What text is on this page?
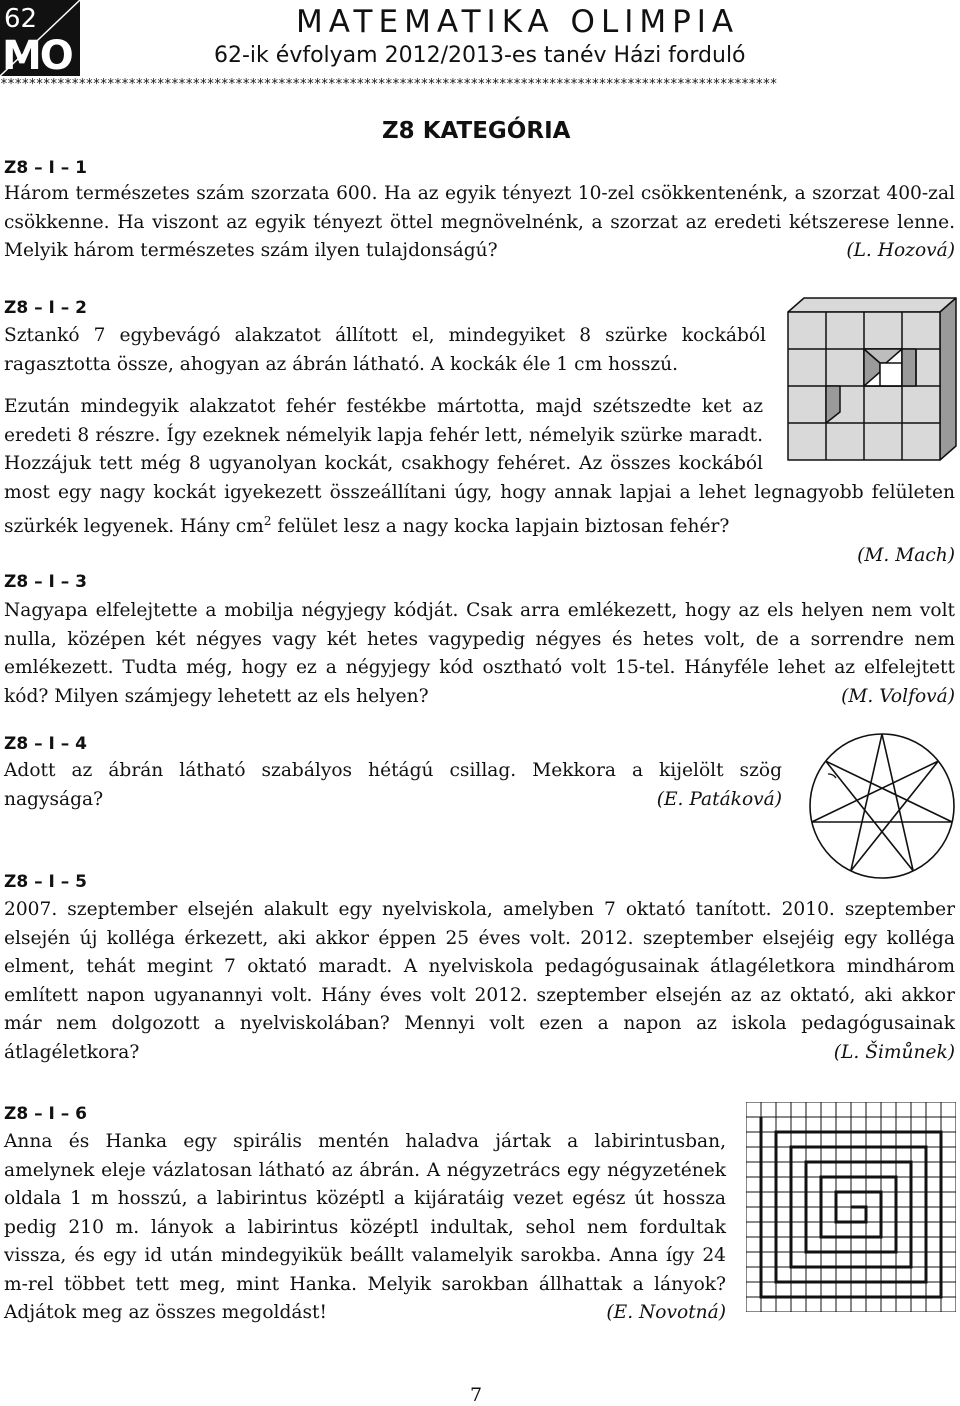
62
MO
MATEMATIKA OLIMPIA
62-ik évfolyam 2012/2013-es tanév Házi forduló
*************************************************************************************************************
Z8 KATEGÓRIA
Z8 – I – 1
Három természetes szám szorzata 600. Ha az egyik tényezt 10-zel csökkentenénk, a szorzat 400-zal csökkenne. Ha viszont az egyik tényezt öttel megnövelnénk, a szorzat az eredeti kétszerese lenne. Melyik három természetes szám ilyen tulajdonságú?	(L. Hozová)
Z8 – I – 2

Sztankó 7 egybevágó alakzatot állított el, mindegyiket 8 szürke kockából ragasztotta össze, ahogyan az ábrán látható. A kockák éle 1 cm hosszú.

Ezután mindegyik alakzatot fehér festékbe mártotta, majd szétszedte ket az eredeti 8 részre. Így ezeknek némelyik lapja fehér lett, némelyik szürke maradt. Hozzájuk tett még 8 ugyanolyan kockát, csakhogy fehéret. Az összes kockából most egy nagy kockát igyekezett összeállítani úgy, hogy annak lapjai a lehet legnagyobb felületen szürkék legyenek. Hány $cm^2$ felület lesz a nagy kocka lapjain biztosan fehér?
(M. Mach)
Z8 – I – 3
Nagyapa elfelejtette a mobilja négyjegy kódját. Csak arra emlékezett, hogy az els helyen nem volt nulla, középen két négyes vagy két hetes vagypedig négyes és hetes volt, de a sorrendre nem emlékezett. Tudta még, hogy ez a négyjegy kód osztható volt 15-tel. Hányféle lehet az elfelejtett kód? Milyen számjegy lehetett az els helyen?	(M. Volfová)
Z8 – I – 4
Adott az ábrán látható szabályos hétágú csillag. Mekkora a kijelölt szög nagysága?	(E. Patáková)
Z8 – I – 5
2007. szeptember elsején alakult egy nyelviskola, amelyben 7 oktató tanított. 2010. szeptember elsején új kolléga érkezett, aki akkor éppen 25 éves volt. 2012. szeptember elsejéig egy kolléga elment, tehát megint 7 oktató maradt. A nyelviskola pedagógusainak átlagéletkora mindhárom említett napon ugyanannyi volt. Hány éves volt 2012. szeptember elsején az az oktató, aki akkor már nem dolgozott a nyelviskolában? Mennyi volt ezen a napon az iskola pedagógusainak átlagéletkora?	(L. Šimůnek)
Z8 – I – 6
Anna és Hanka egy spirális mentén haladva jártak a labirintusban, amelynek eleje vázlatosan látható az ábrán. A négyzetrács egy négyzetének oldala 1 m hosszú, a labirintus középtl a kijáratáig vezet egész út hossza pedig 210 m. lányok a labirintus középtl indultak, sehol nem fordultak vissza, és egy id után mindegyikük beállt valamelyik sarokba. Anna így 24 m-rel többet tett meg, mint Hanka. Melyik sarokban állhattak a lányok? Adjátok meg az összes megoldást!	(E. Novotná)
7
